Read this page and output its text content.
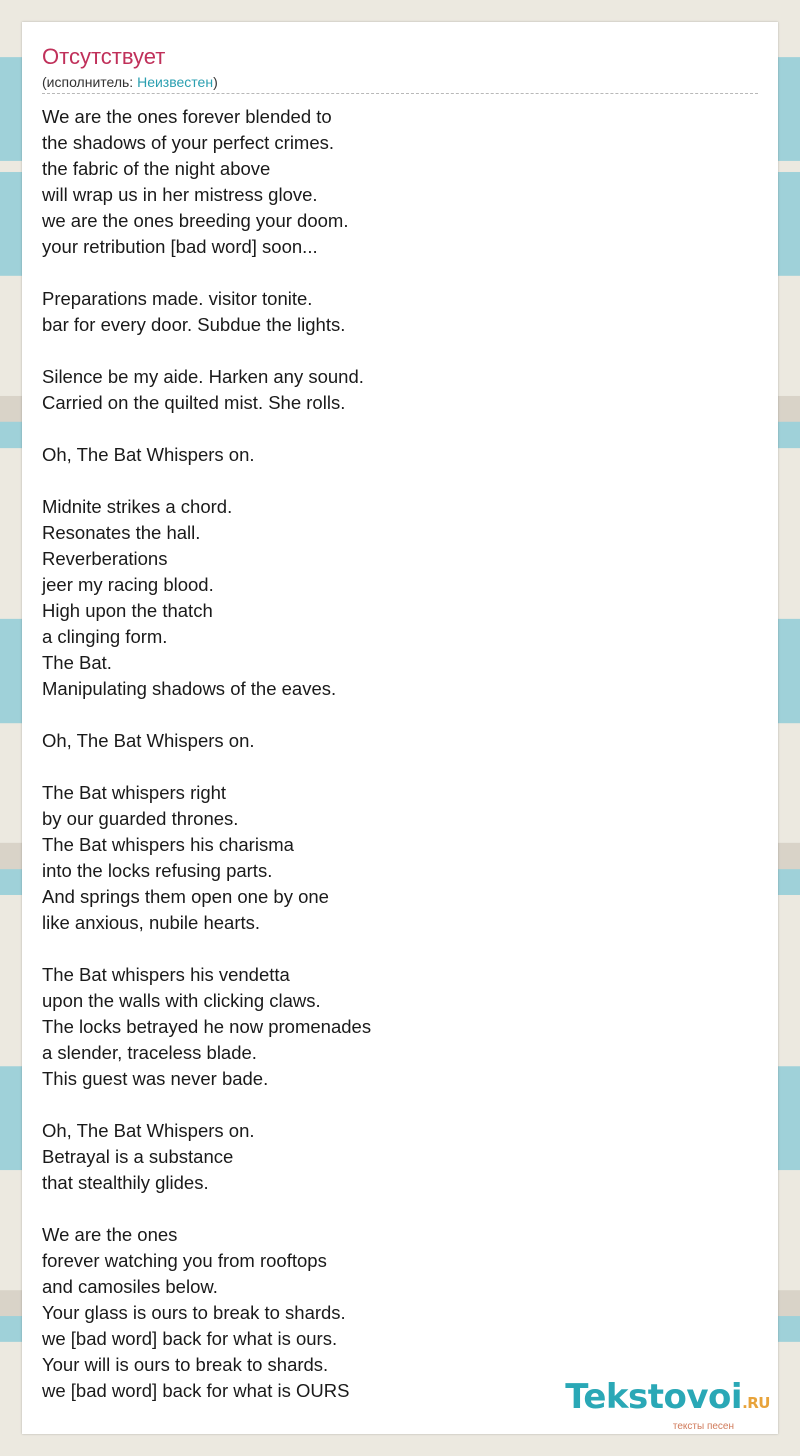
Отсутствует
(исполнитель: Неизвестен)
We are the ones forever blended to
the shadows of your perfect crimes.
the fabric of the night above
will wrap us in her mistress glove.
we are the ones breeding your doom.
your retribution [bad word] soon...
Preparations made. visitor tonite.
bar for every door. Subdue the lights.
Silence be my aide. Harken any sound.
Carried on the quilted mist. She rolls.
Oh, The Bat Whispers on.
Midnite strikes a chord.
Resonates the hall.
Reverberations
jeer my racing blood.
High upon the thatch
a clinging form.
The Bat.
Manipulating shadows of the eaves.
Oh, The Bat Whispers on.
The Bat whispers right
by our guarded thrones.
The Bat whispers his charisma
into the locks refusing parts.
And springs them open one by one
like anxious, nubile hearts.
The Bat whispers his vendetta
upon the walls with clicking claws.
The locks betrayed he now promenades
a slender, traceless blade.
This guest was never bade.
Oh, The Bat Whispers on.
Betrayal is a substance
that stealthily glides.
We are the ones
forever watching you from rooftops
and camosiles below.
Your glass is ours to break to shards.
we [bad word] back for what is ours.
Your will is ours to break to shards.
we [bad word] back for what is OURS	Tekstovoi.RU
тексты песен
